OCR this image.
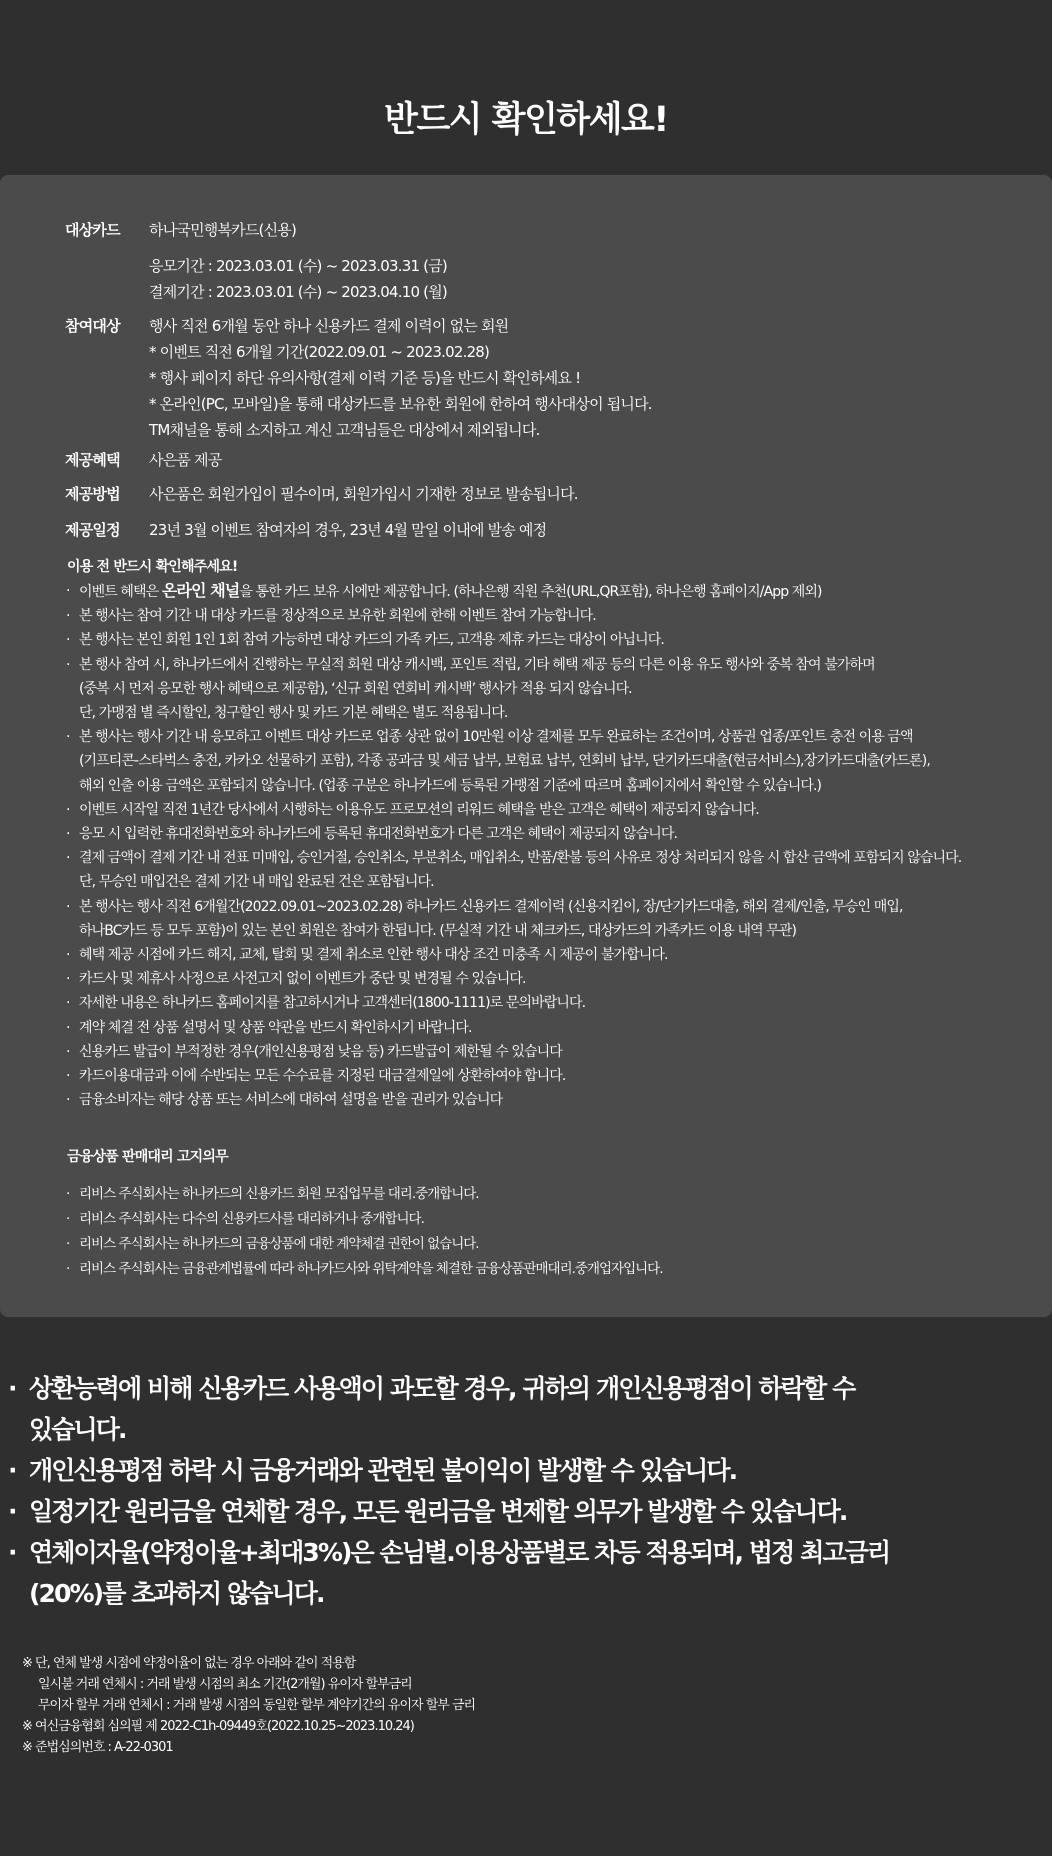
반드시 확인하세요!
대상카드 하나국민행복카드(신용)
응모기간 : 2023.03.01 (수) ~ 2023.03.31 (금)
결제기간 : 2023.03.01 (수) ~ 2023.04.10 (월)
참여대상 행사 직전 6개월 동안 하나 신용카드 결제 이력이 없는 회원
* 이벤트 직전 6개월 기간(2022.09.01 ~ 2023.02.28)
* 행사 페이지 하단 유의사항(결제 이력 기준 등)을 반드시 확인하세요 !
* 온라인(PC, 모바일)을 통해 대상카드를 보유한 회원에 한하여 행사대상이 됩니다.
TM채널을 통해 소지하고 계신 고객님들은 대상에서 제외됩니다.
제공혜택 사은품 제공
제공방법 사은품은 회원가입이 필수이며, 회원가입시 기재한 정보로 발송됩니다.
제공일정 23년 3월 이벤트 참여자의 경우, 23년 4월 말일 이내에 발송 예정
이용 전 반드시 확인해주세요!
· 이벤트 혜택은 온라인 채널을 통한 카드 보유 시에만 제공합니다. (하나은행 직원 추천(URL,QR포함), 하나은행 홈페이지/App 제외)
· 본 행사는 참여 기간 내 대상 카드를 정상적으로 보유한 회원에 한해 이벤트 참여 가능합니다.
· 본 행사는 본인 회원 1인 1회 참여 가능하면 대상 카드의 가족 카드, 고객용 제휴 카드는 대상이 아닙니다.
· 본 행사 참여 시, 하나카드에서 진행하는 무실적 회원 대상 캐시백, 포인트 적립, 기타 혜택 제공 등의 다른 이용 유도 행사와 중복 참여 불가하며
(중복 시 먼저 응모한 행사 혜택으로 제공함), ‘신규 회원 연회비 캐시백’ 행사가 적용 되지 않습니다.
단, 가맹점 별 즉시할인, 청구할인 행사 및 카드 기본 혜택은 별도 적용됩니다.
· 본 행사는 행사 기간 내 응모하고 이벤트 대상 카드로 업종 상관 없이 10만원 이상 결제를 모두 완료하는 조건이며, 상품권 업종/포인트 충전 이용 금액
(기프티콘-스타벅스 충전, 카카오 선물하기 포함), 각종 공과금 및 세금 납부, 보험료 납부, 연회비 납부, 단기카드대출(현금서비스),장기카드대출(카드론),
해외 인출 이용 금액은 포함되지 않습니다. (업종 구분은 하나카드에 등록된 가맹점 기준에 따르며 홈페이지에서 확인할 수 있습니다.)
· 이벤트 시작일 직전 1년간 당사에서 시행하는 이용유도 프로모션의 리워드 혜택을 받은 고객은 혜택이 제공되지 않습니다.
· 응모 시 입력한 휴대전화번호와 하나카드에 등록된 휴대전화번호가 다른 고객은 혜택이 제공되지 않습니다.
· 결제 금액이 결제 기간 내 전표 미매입, 승인거절, 승인취소, 부분취소, 매입취소, 반품/환불 등의 사유로 정상 처리되지 않을 시 합산 금액에 포함되지 않습니다.
단, 무승인 매입건은 결제 기간 내 매입 완료된 건은 포함됩니다.
· 본 행사는 행사 직전 6개월간(2022.09.01~2023.02.28) 하나카드 신용카드 결제이력 (신용지킴이, 장/단기카드대출, 해외 결제/인출, 무승인 매입,
하나BC카드 등 모두 포함)이 있는 본인 회원은 참여가 한됩니다. (무실적 기간 내 체크카드, 대상카드의 가족카드 이용 내역 무관)
· 혜택 제공 시점에 카드 해지, 교체, 탈회 및 결제 취소로 인한 행사 대상 조건 미충족 시 제공이 불가합니다.
· 카드사 및 제휴사 사정으로 사전고지 없이 이벤트가 중단 및 변경될 수 있습니다.
· 자세한 내용은 하나카드 홈페이지를 참고하시거나 고객센터(1800-1111)로 문의바랍니다.
· 계약 체결 전 상품 설명서 및 상품 약관을 반드시 확인하시기 바랍니다.
· 신용카드 발급이 부적정한 경우(개인신용평점 낮음 등) 카드발급이 제한될 수 있습니다
· 카드이용대금과 이에 수반되는 모든 수수료를 지정된 대금결제일에 상환하여야 합니다.
· 금융소비자는 해당 상품 또는 서비스에 대하여 설명을 받을 권리가 있습니다
금융상품 판매대리 고지의무
· 리비스 주식회사는 하나카드의 신용카드 회원 모집업무를 대리.중개합니다.
· 리비스 주식회사는 다수의 신용카드사를 대리하거나 중개합니다.
· 리비스 주식회사는 하나카드의 금융상품에 대한 계약체결 권한이 없습니다.
· 리비스 주식회사는 금융관계법률에 따라 하나카드사와 위탁계약을 체결한 금융상품판매대리.중개업자입니다.
· 상환능력에 비해 신용카드 사용액이 과도할 경우, 귀하의 개인신용평점이 하락할 수
있습니다.
· 개인신용평점 하락 시 금융거래와 관련된 불이익이 발생할 수 있습니다.
· 일정기간 원리금을 연체할 경우, 모든 원리금을 변제할 의무가 발생할 수 있습니다.
· 연체이자율(약정이율+최대3%)은 손님별.이용상품별로 차등 적용되며, 법정 최고금리
(20%)를 초과하지 않습니다.
※ 단, 연체 발생 시점에 약정이율이 없는 경우 아래와 같이 적용함
일시불 거래 연체시 : 거래 발생 시점의 최소 기간(2개월) 유이자 할부금리
무이자 할부 거래 연체시 : 거래 발생 시점의 동일한 할부 계약기간의 유이자 할부 금리
※ 여신금융협회 심의필 제 2022-C1h-09449호(2022.10.25~2023.10.24)
※ 준법심의번호 : A-22-0301
